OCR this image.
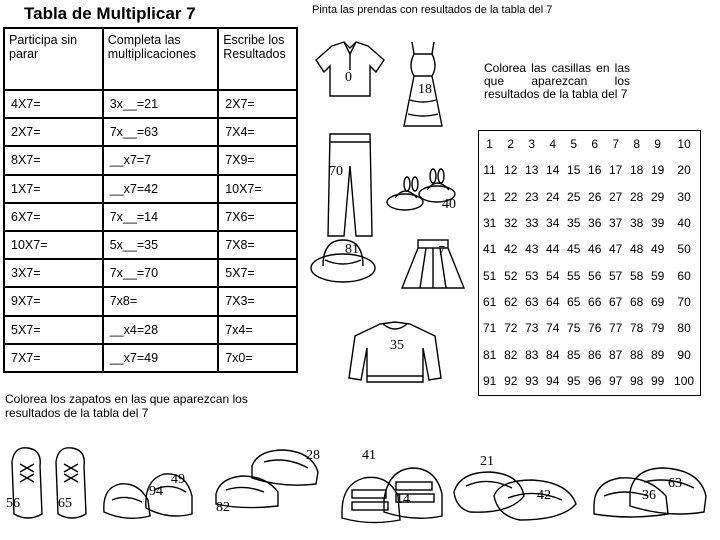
Tabla de Multiplicar 7	Pinta las prendas con resultados de la tabla del 7
Participa sin parar	Completa las multiplicaciones	Escribe los Resultados
4X7=	3x__=21	2X7=
2X7=	7x__=63	7X4=
8X7=	__x7=7	7X9=
1X7=	__x7=42	10X7=
6X7=	7x__=14	7X6=
10X7=	5x__=35	7X8=
3X7=	7x__=70	5X7=
9X7=	7x8=	7X3=
5X7=	__x4=28	7x4=
7X7=	__x7=49	7x0=
0
18
70
40
81	7
35
Colorea las casillas en las que aparezcan los resultados de la tabla del 7
1	2	3	4	5	6	7	8	9	10
11	12	13	14	15	16	17	18	19	20
21	22	23	24	25	26	27	28	29	30
31	32	33	34	35	36	37	38	39	40
41	42	43	44	45	46	47	48	49	50
51	52	53	54	55	56	57	58	59	60
61	62	63	64	65	66	67	68	69	70
71	72	73	74	75	76	77	78	79	80
81	82	83	84	85	86	87	88	89	90
91	92	93	94	95	96	97	98	99	100
Colorea los zapatos en las que aparezcan los resultados de la tabla del 7
56	65
94
49
28
82
41
14
21
42	36
63
